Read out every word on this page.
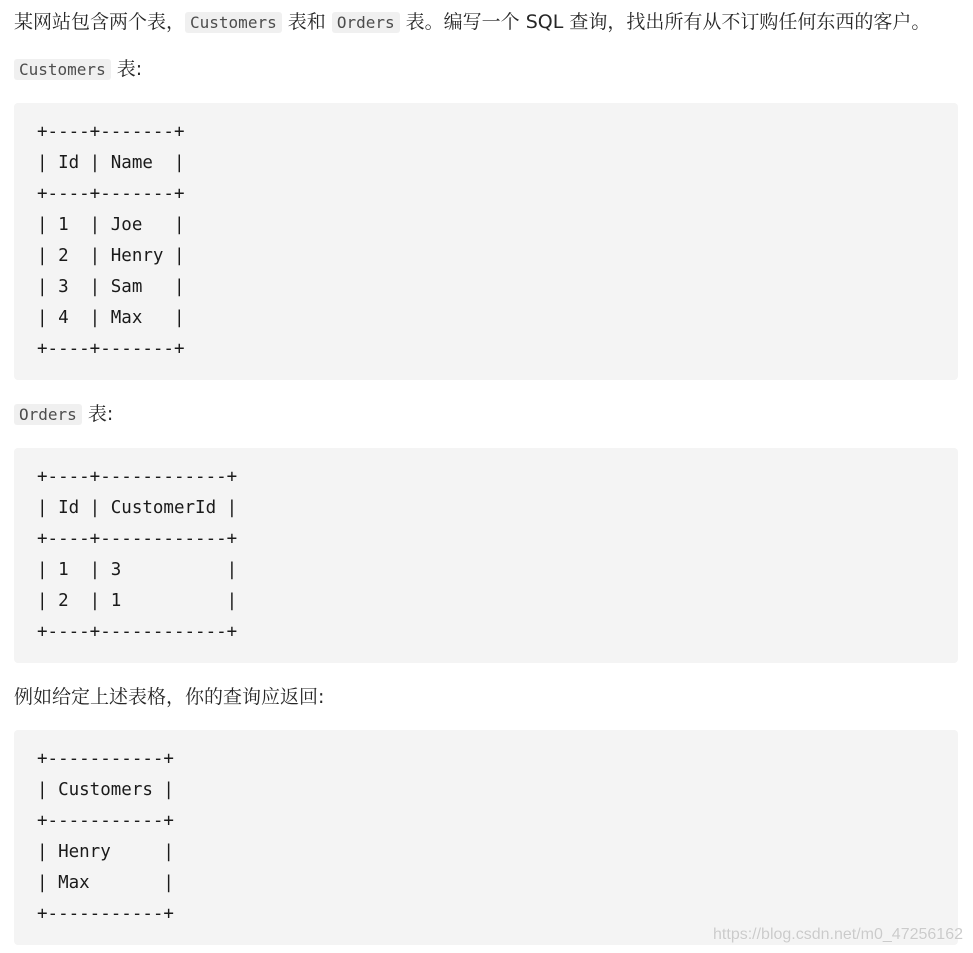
某网站包含两个表， Customers 表和 Orders 表。编写一个 SQL 查询，找出所有从不订购任何东西的客户。
Customers 表:
+----+-------+
| Id | Name  |
+----+-------+
| 1  | Joe   |
| 2  | Henry |
| 3  | Sam   |
| 4  | Max   |
+----+-------+
Orders 表:
+----+------------+
| Id | CustomerId |
+----+------------+
| 1  | 3          |
| 2  | 1          |
+----+------------+
例如给定上述表格，你的查询应返回:
+-----------+
| Customers |
+-----------+
| Henry     |
| Max       |
+-----------+
https://blog.csdn.net/m0_47256162
